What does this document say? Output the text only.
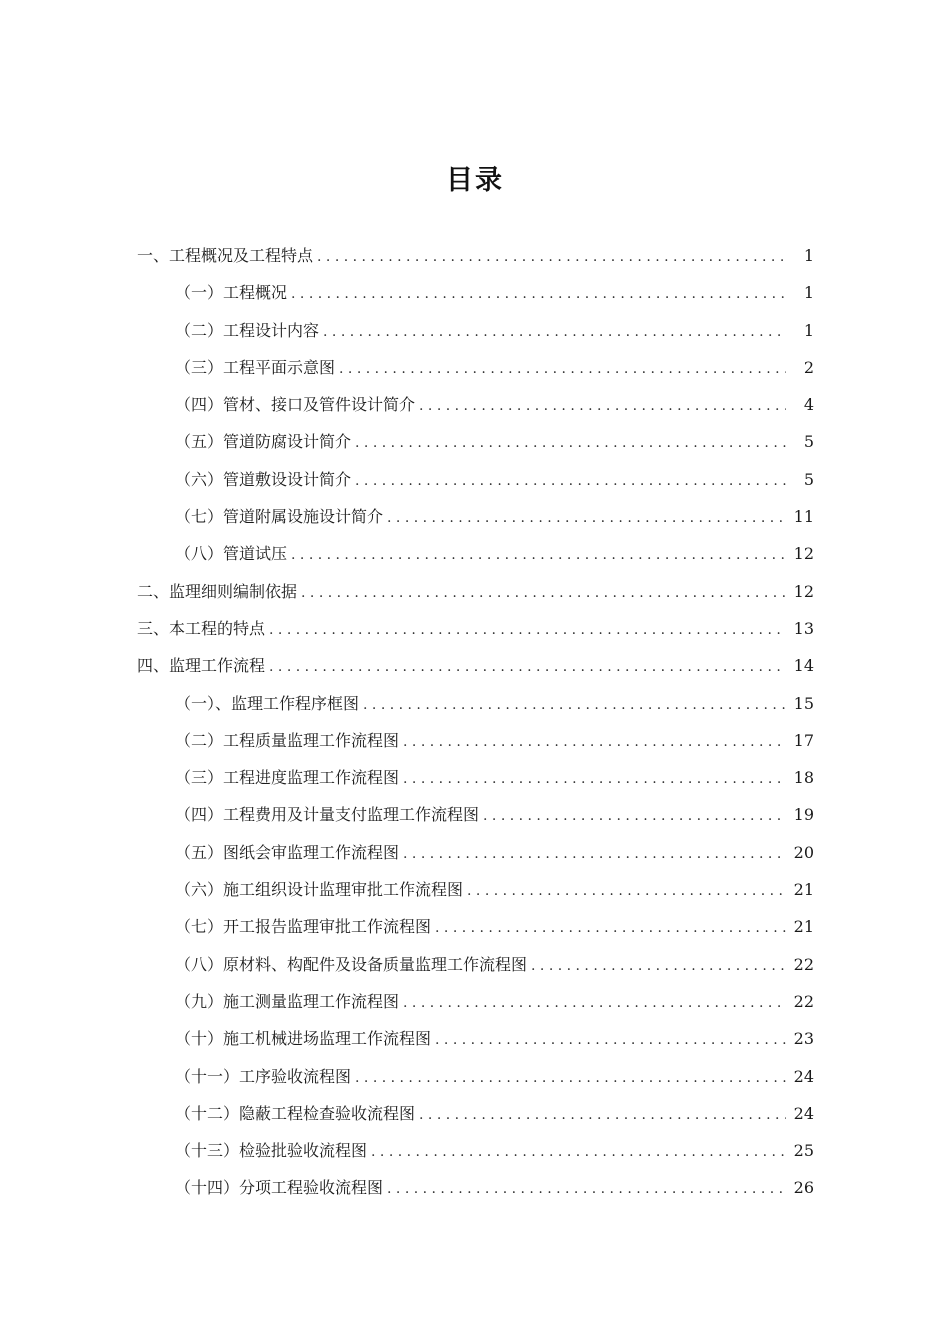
目录
一、工程概况及工程特点 . . .	1
（一）工程概况 . . .	1
（二）工程设计内容 . . .	1
（三）工程平面示意图 . . .	2
（四）管材、接口及管件设计简介 . . .	4
（五）管道防腐设计简介 . . .	5
（六）管道敷设设计简介 . . .	5
（七）管道附属设施设计简介 . . .	11
（八）管道试压 . . .	12
二、监理细则编制依据 . . .	12
三、本工程的特点 . . .	13
四、监理工作流程 . . .	14
（一）、监理工作程序框图 . . .	15
（二）工程质量监理工作流程图 . . .	17
（三）工程进度监理工作流程图 . . .	18
（四）工程费用及计量支付监理工作流程图 . . .	19
（五）图纸会审监理工作流程图 . . .	20
（六）施工组织设计监理审批工作流程图 . . .	21
（七）开工报告监理审批工作流程图 . . .	21
（八）原材料、构配件及设备质量监理工作流程图 . . .	22
（九）施工测量监理工作流程图 . . .	22
（十）施工机械进场监理工作流程图 . . .	23
（十一）工序验收流程图 . . .	24
（十二）隐蔽工程检查验收流程图 . . .	24
（十三）检验批验收流程图 . . .	25
（十四）分项工程验收流程图 . . .	26
